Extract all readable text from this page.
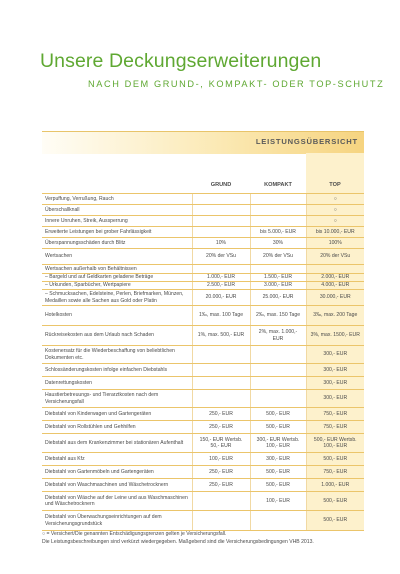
Unsere Deckungserweiterungen
NACH DEM GRUND-, KOMPAKT- ODER TOP-SCHUTZ
LEISTUNGSÜBERSICHT
	GRUND	KOMPAKT	TOP
Verpuffung, Verrußung, Rauch			○
Überschallknall			○
Innere Unruhen, Streik, Aussperrung			○
Erweiterte Leistungen bei grober Fahrlässigkeit		bis 5.000,- EUR	bis 10.000,- EUR
Überspannungsschäden durch Blitz	10%	30%	100%
Wertsachen	20% der VSu	20% der VSu	20% der VSu
Wertsachen außerhalb von Behältnissen			
– Bargeld und auf Geldkarten geladene Beträge	1.000,- EUR	1.500,- EUR	2.000,- EUR
– Urkunden, Sparbücher, Wertpapiere	2.500,- EUR	3.000,- EUR	4.000,- EUR
– Schmucksachen, Edelsteine, Perlen, Briefmarken, Münzen, Medaillen sowie alle Sachen aus Gold oder Platin	20.000,- EUR	25.000,- EUR	30.000,- EUR
Hotelkosten	1‰, max. 100 Tage	2‰, max. 150 Tage	3‰, max. 200 Tage
Rückreisekosten aus dem Urlaub nach Schaden	1%, max. 500,- EUR	2%, max. 1.000,- EUR	3%, max. 1500,- EUR
Kostenersatz für die Wiederbeschaffung von beliebtlichen Dokumenten etc.			300,- EUR
Schlossänderungskosten infolge einfachen Diebstahls			300,- EUR
Datenrettungskosten			300,- EUR
Haustierbetreuungs- und Tierarztkosten nach dem Versicherungsfall			300,- EUR
Diebstahl von Kinderwagen und Gartengeräten	250,- EUR	500,- EUR	750,- EUR
Diebstahl von Rollstühlen und Gehhilfen	250,- EUR	500,- EUR	750,- EUR
Diebstahl aus dem Krankenzimmer bei stationären Aufenthalt	150,- EUR Wertsb. 50,- EUR	300,- EUR Wertsb. 100,- EUR	500,- EUR Wertsb. 100,- EUR
Diebstahl aus Kfz	100,- EUR	300,- EUR	500,- EUR
Diebstahl von Gartenmöbeln und Gartengeräten	250,- EUR	500,- EUR	750,- EUR
Diebstahl von Waschmaschinen und Wäschetrocknern	250,- EUR	500,- EUR	1.000,- EUR
Diebstahl von Wäsche auf der Leine und aus Waschmaschinen und Wäschetrocknern		100,- EUR	500,- EUR
Diebstahl von Überwachungseinrichtungen auf dem Versicherungsgrundstück			500,- EUR
○ = Versichert/Die genannten Entschädigungsgrenzen gelten je Versicherungsfall.
Die Leistungsbeschreibungen sind verkürzt wiedergegeben. Maßgebend sind die Versicherungsbedingungen VHB 2013.
